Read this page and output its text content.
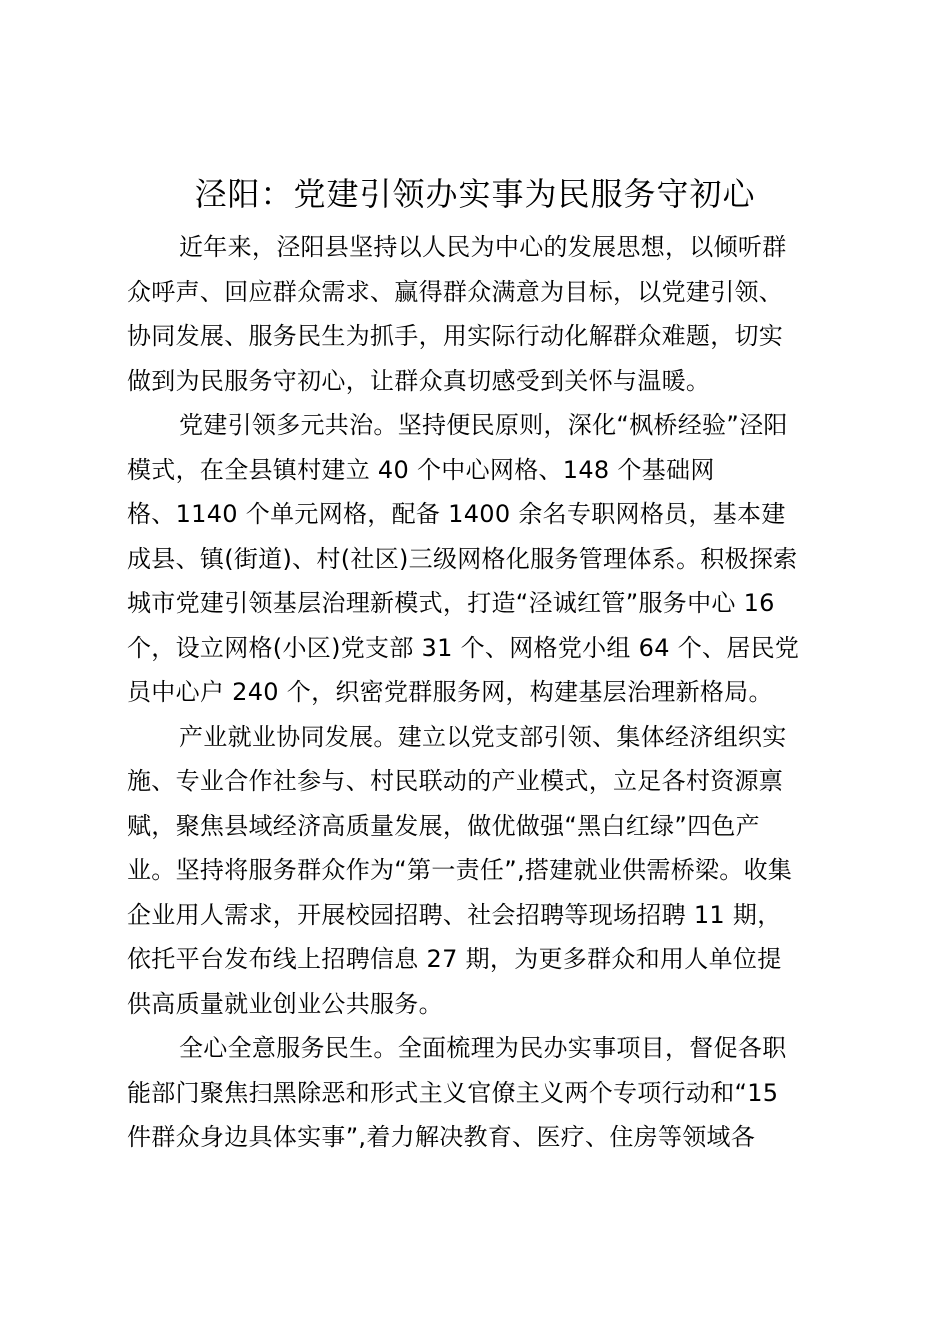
泾阳：党建引领办实事为民服务守初心
近年来，泾阳县坚持以人民为中心的发展思想，以倾听群
众呼声、回应群众需求、赢得群众满意为目标，以党建引领、
协同发展、服务民生为抓手，用实际行动化解群众难题，切实
做到为民服务守初心，让群众真切感受到关怀与温暖。
党建引领多元共治。坚持便民原则，深化“枫桥经验”泾阳
模式，在全县镇村建立 40 个中心网格、148 个基础网
格、1140 个单元网格，配备 1400 余名专职网格员，基本建
成县、镇(街道)、村(社区)三级网格化服务管理体系。积极探索
城市党建引领基层治理新模式，打造“泾诚红管”服务中心 16
个，设立网格(小区)党支部 31 个、网格党小组 64 个、居民党
员中心户 240 个，织密党群服务网，构建基层治理新格局。
产业就业协同发展。建立以党支部引领、集体经济组织实
施、专业合作社参与、村民联动的产业模式，立足各村资源禀
赋，聚焦县域经济高质量发展，做优做强“黑白红绿”四色产
业。坚持将服务群众作为“第一责任”,搭建就业供需桥梁。收集
企业用人需求，开展校园招聘、社会招聘等现场招聘 11 期，
依托平台发布线上招聘信息 27 期，为更多群众和用人单位提
供高质量就业创业公共服务。
全心全意服务民生。全面梳理为民办实事项目，督促各职
能部门聚焦扫黑除恶和形式主义官僚主义两个专项行动和“15
件群众身边具体实事”,着力解决教育、医疗、住房等领域各
